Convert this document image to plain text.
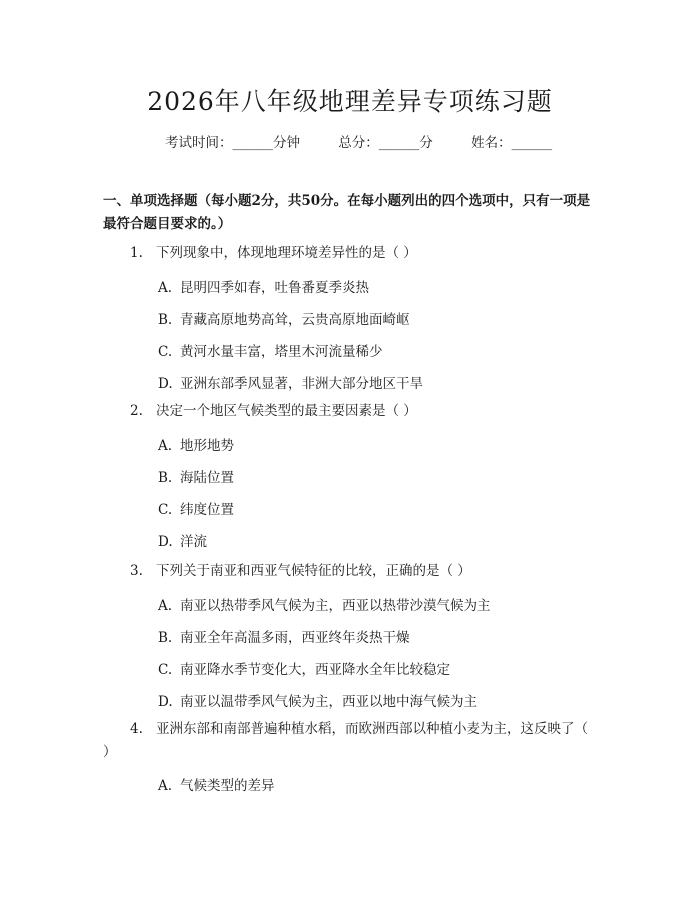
2026年八年级地理差异专项练习题
考试时间：______分钟	总分：______分	姓名：______
一、单项选择题（每小题2分，共50分。在每小题列出的四个选项中，只有一项是最符合题目要求的。）
1. 下列现象中，体现地理环境差异性的是（ ）
A. 昆明四季如春，吐鲁番夏季炎热
B. 青藏高原地势高耸，云贵高原地面崎岖
C. 黄河水量丰富，塔里木河流量稀少
D. 亚洲东部季风显著，非洲大部分地区干旱
2. 决定一个地区气候类型的最主要因素是（ ）
A. 地形地势
B. 海陆位置
C. 纬度位置
D. 洋流
3. 下列关于南亚和西亚气候特征的比较，正确的是（ ）
A. 南亚以热带季风气候为主，西亚以热带沙漠气候为主
B. 南亚全年高温多雨，西亚终年炎热干燥
C. 南亚降水季节变化大，西亚降水全年比较稳定
D. 南亚以温带季风气候为主，西亚以地中海气候为主
4. 亚洲东部和南部普遍种植水稻，而欧洲西部以种植小麦为主，这反映了（ ）
A. 气候类型的差异
